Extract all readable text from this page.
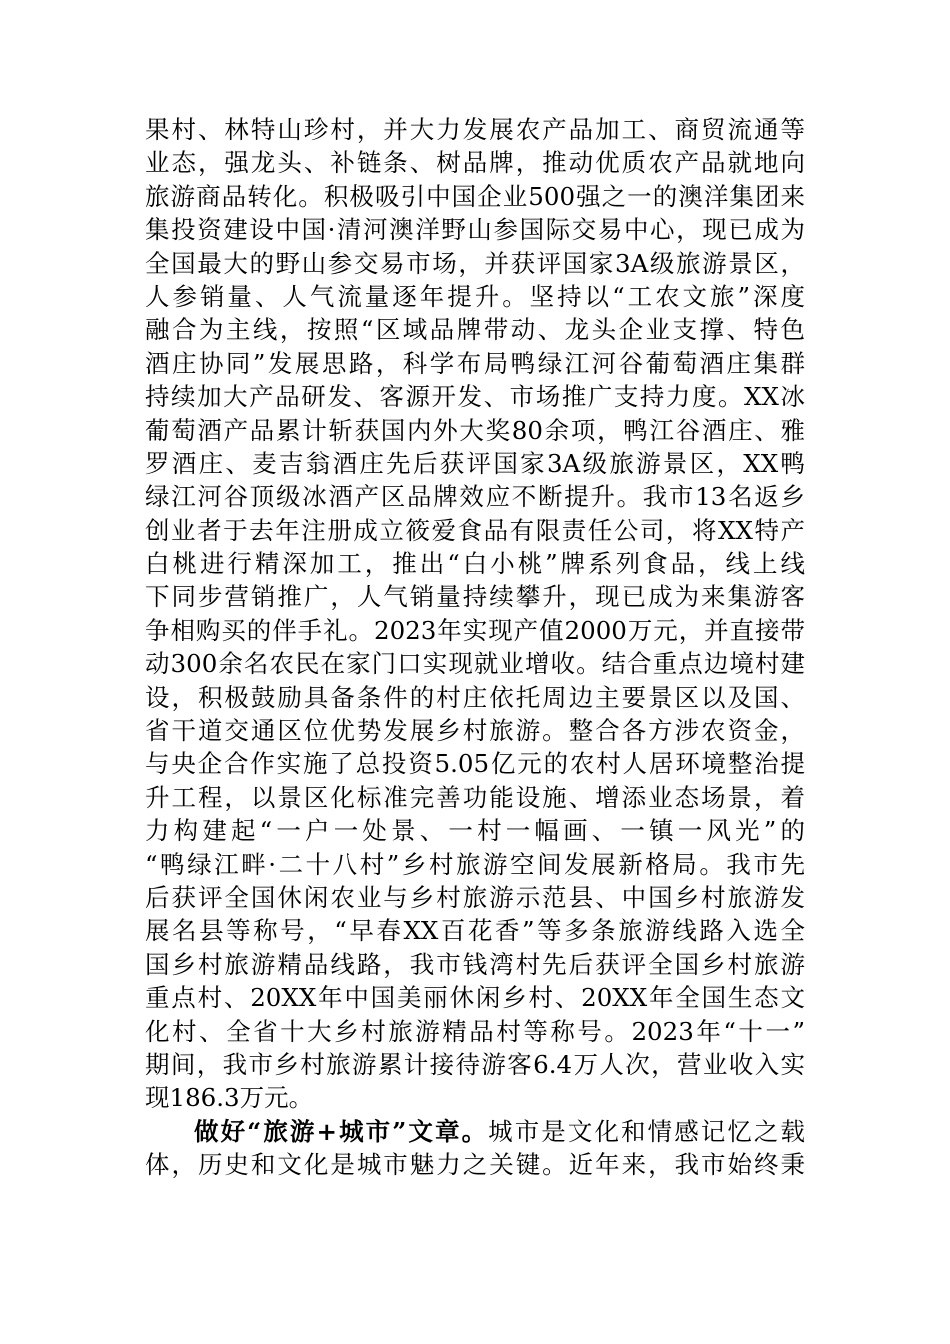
果村、林特山珍村，并大力发展农产品加工、商贸流通等
业态，强龙头、补链条、树品牌，推动优质农产品就地向
旅游商品转化。积极吸引中国企业500强之一的澳洋集团来
集投资建设中国·清河澳洋野山参国际交易中心，现已成为
全国最大的野山参交易市场，并获评国家3A级旅游景区，
人参销量、人气流量逐年提升。坚持以“工农文旅”深度
融合为主线，按照“区域品牌带动、龙头企业支撑、特色
酒庄协同”发展思路，科学布局鸭绿江河谷葡萄酒庄集群
持续加大产品研发、客源开发、市场推广支持力度。XX冰
葡萄酒产品累计斩获国内外大奖80余项，鸭江谷酒庄、雅
罗酒庄、麦吉翁酒庄先后获评国家3A级旅游景区，XX鸭
绿江河谷顶级冰酒产区品牌效应不断提升。我市13名返乡
创业者于去年注册成立筱爱食品有限责任公司，将XX特产
白桃进行精深加工，推出“白小桃”牌系列食品，线上线
下同步营销推广，人气销量持续攀升，现已成为来集游客
争相购买的伴手礼。2023年实现产值2000万元，并直接带
动300余名农民在家门口实现就业增收。结合重点边境村建
设，积极鼓励具备条件的村庄依托周边主要景区以及国、
省干道交通区位优势发展乡村旅游。整合各方涉农资金，
与央企合作实施了总投资5.05亿元的农村人居环境整治提
升工程，以景区化标准完善功能设施、增添业态场景，着
力构建起“一户一处景、一村一幅画、一镇一风光”的
“鸭绿江畔·二十八村”乡村旅游空间发展新格局。我市先
后获评全国休闲农业与乡村旅游示范县、中国乡村旅游发
展名县等称号，“早春XX百花香”等多条旅游线路入选全
国乡村旅游精品线路，我市钱湾村先后获评全国乡村旅游
重点村、20XX年中国美丽休闲乡村、20XX年全国生态文
化村、全省十大乡村旅游精品村等称号。2023年“十一”
期间，我市乡村旅游累计接待游客6.4万人次，营业收入实
现186.3万元。
做好“旅游+城市”文章。城市是文化和情感记忆之载
体，历史和文化是城市魅力之关键。近年来，我市始终秉
